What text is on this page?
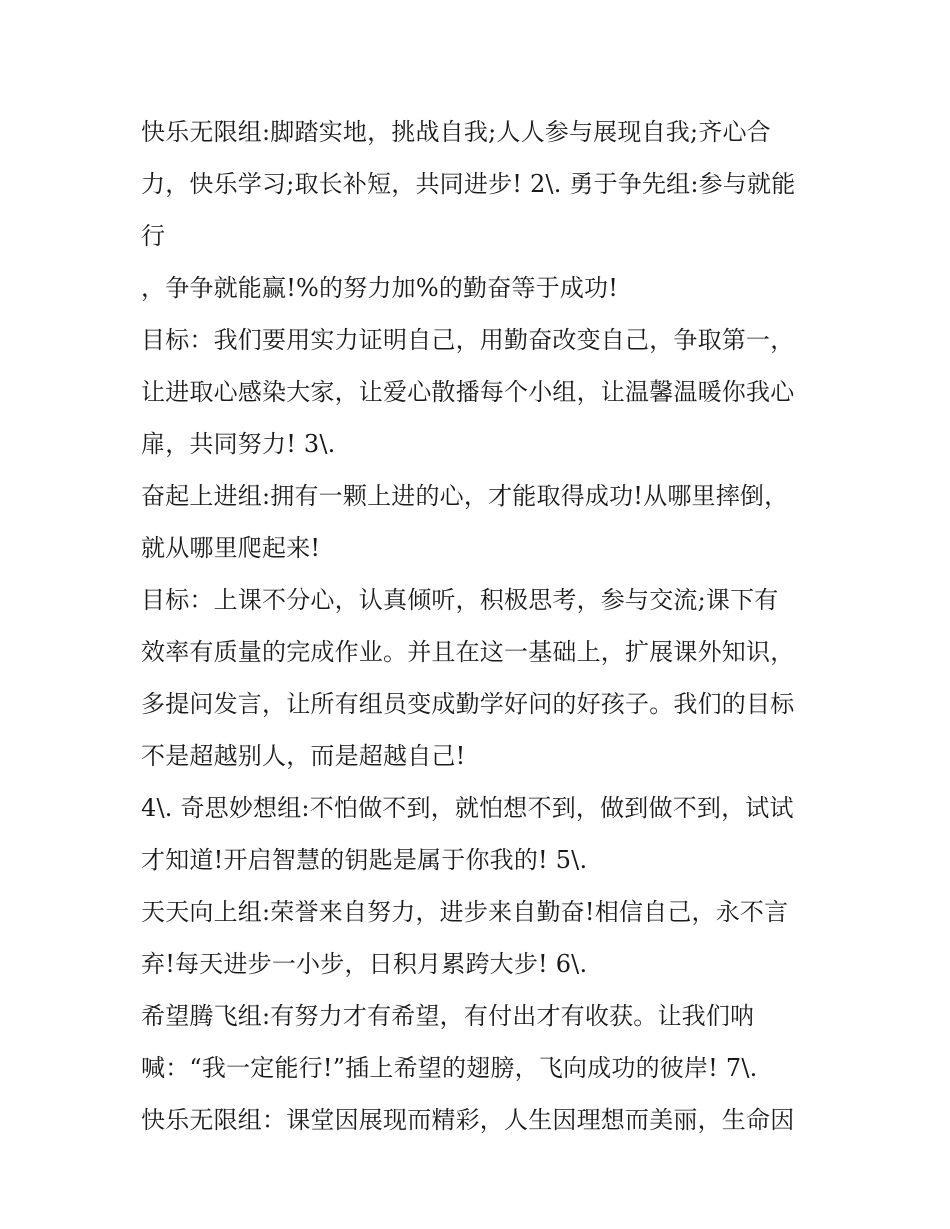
快乐无限组:脚踏实地，挑战自我;人人参与展现自我;齐心合
力，快乐学习;取长补短，共同进步! 2\. 勇于争先组:参与就能
行
，争争就能赢!%的努力加%的勤奋等于成功!
目标：我们要用实力证明自己，用勤奋改变自己，争取第一，
让进取心感染大家，让爱心散播每个小组，让温馨温暖你我心
扉，共同努力! 3\.
奋起上进组:拥有一颗上进的心，才能取得成功!从哪里摔倒，
就从哪里爬起来!
目标：上课不分心，认真倾听，积极思考，参与交流;课下有
效率有质量的完成作业。并且在这一基础上，扩展课外知识，
多提问发言，让所有组员变成勤学好问的好孩子。我们的目标
不是超越别人，而是超越自己!
4\. 奇思妙想组:不怕做不到，就怕想不到，做到做不到，试试
才知道!开启智慧的钥匙是属于你我的! 5\.
天天向上组:荣誉来自努力，进步来自勤奋!相信自己，永不言
弃!每天进步一小步，日积月累跨大步! 6\.
希望腾飞组:有努力才有希望，有付出才有收获。让我们呐
喊：“我一定能行!”插上希望的翅膀，飞向成功的彼岸! 7\.
快乐无限组：课堂因展现而精彩，人生因理想而美丽，生命因
